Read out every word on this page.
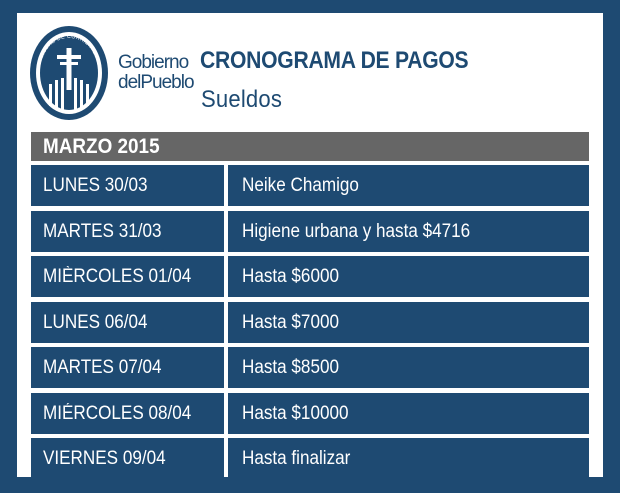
CIUDAD DE CORRIENTES Gobierno
delPueblo
CRONOGRAMA DE PAGOS
Sueldos
MARZO 2015
LUNES 30/03	Neike Chamigo
MARTES 31/03	Higiene urbana y hasta $4716
MIÈRCOLES 01/04	Hasta $6000
LUNES 06/04	Hasta $7000
MARTES 07/04	Hasta $8500
MIÉRCOLES 08/04	Hasta $10000
VIERNES 09/04	Hasta finalizar
